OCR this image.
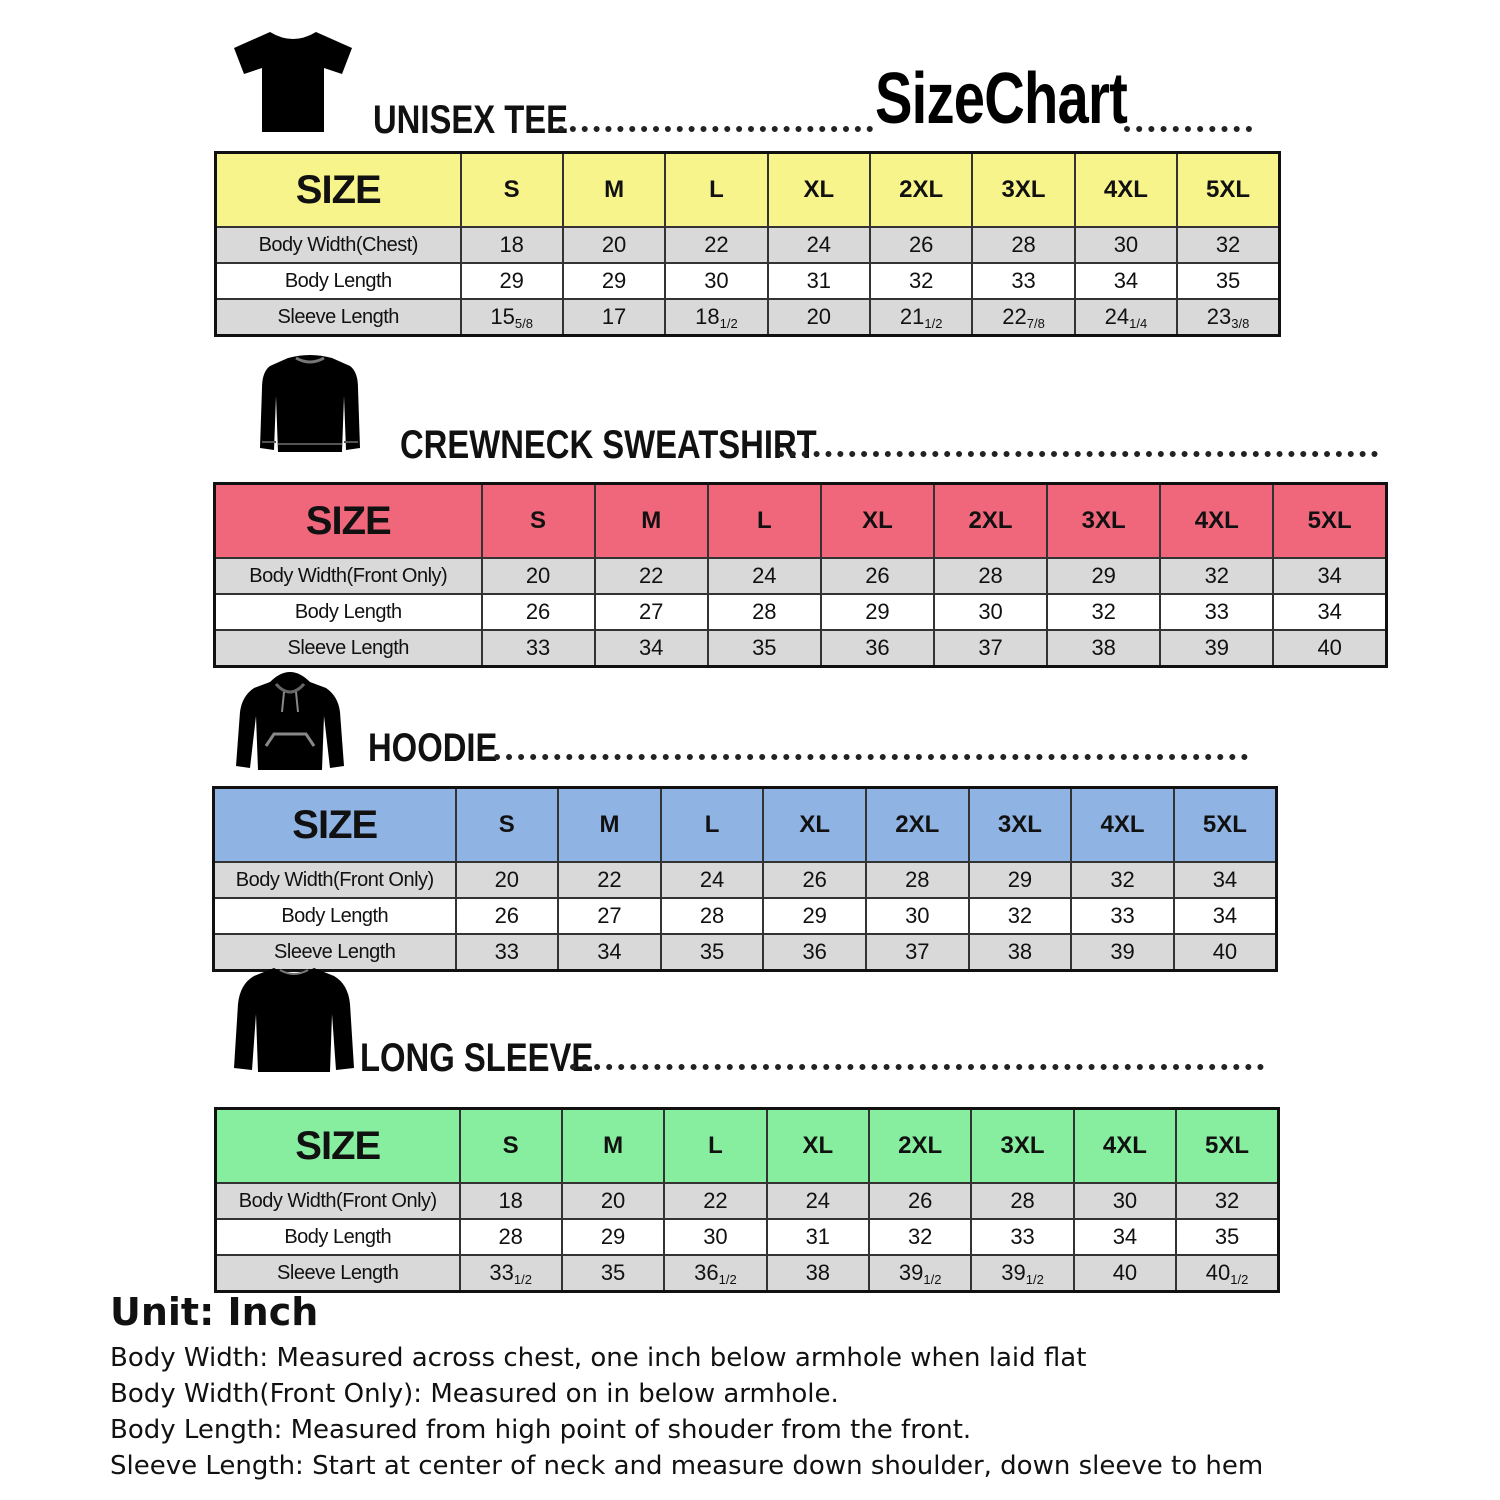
SizeChart
UNISEX TEE
SIZE	S	M	L	XL	2XL	3XL	4XL	5XL
Body Width(Chest)	18	20	22	24	26	28	30	32
Body Length	29	29	30	31	32	33	34	35
Sleeve Length	155/8	17	181/2	20	211/2	227/8	241/4	233/8
CREWNECK SWEATSHIRT
SIZE	S	M	L	XL	2XL	3XL	4XL	5XL
Body Width(Front Only)	20	22	24	26	28	29	32	34
Body Length	26	27	28	29	30	32	33	34
Sleeve Length	33	34	35	36	37	38	39	40
HOODIE
SIZE	S	M	L	XL	2XL	3XL	4XL	5XL
Body Width(Front Only)	20	22	24	26	28	29	32	34
Body Length	26	27	28	29	30	32	33	34
Sleeve Length	33	34	35	36	37	38	39	40
LONG SLEEVE
SIZE	S	M	L	XL	2XL	3XL	4XL	5XL
Body Width(Front Only)	18	20	22	24	26	28	30	32
Body Length	28	29	30	31	32	33	34	35
Sleeve Length	331/2	35	361/2	38	391/2	391/2	40	401/2
Unit: Inch
Body Width: Measured across chest, one inch below armhole when laid flat
Body Width(Front Only): Measured on in below armhole.
Body Length: Measured from high point of shouder from the front.
Sleeve Length: Start at center of neck and measure down shoulder, down sleeve to hem
